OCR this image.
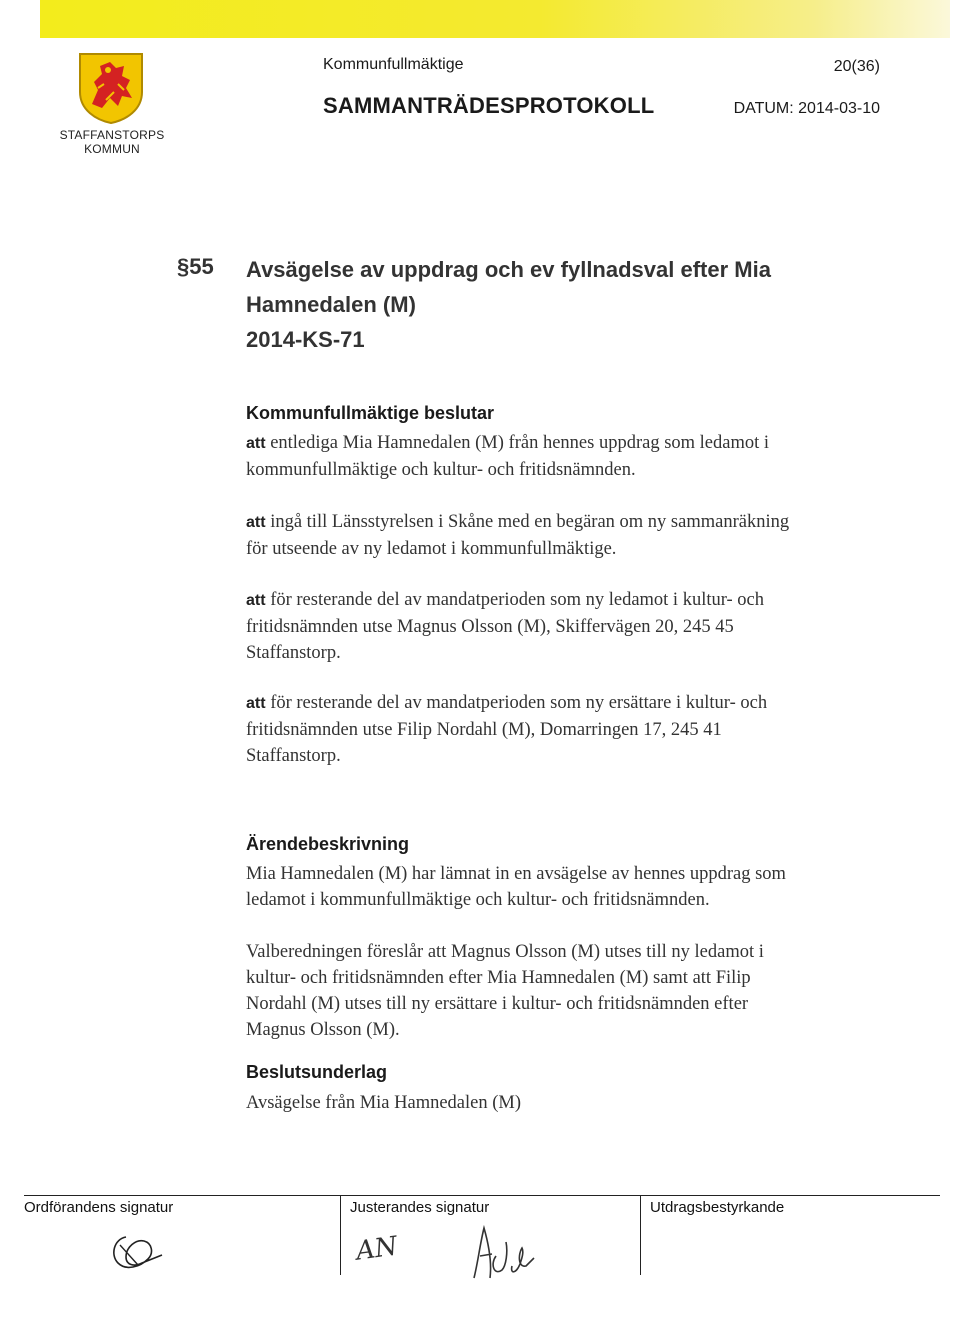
STAFFANSTORPS
KOMMUN
Kommunfullmäktige	20(36)
SAMMANTRÄDESPROTOKOLL	DATUM: 2014-03-10
§55 Avsägelse av uppdrag och ev fyllnadsval efter Mia
Hamnedalen (M)
2014-KS-71
Kommunfullmäktige beslutar
att entlediga Mia Hamnedalen (M) från hennes uppdrag som ledamot i
kommunfullmäktige och kultur- och fritidsnämnden.
att ingå till Länsstyrelsen i Skåne med en begäran om ny sammanräkning
för utseende av ny ledamot i kommunfullmäktige.
att för resterande del av mandatperioden som ny ledamot i kultur- och
fritidsnämnden utse Magnus Olsson (M), Skiffervägen 20, 245 45
Staffanstorp.
att för resterande del av mandatperioden som ny ersättare i kultur- och
fritidsnämnden utse Filip Nordahl (M), Domarringen 17, 245 41
Staffanstorp.
Ärendebeskrivning
Mia Hamnedalen (M) har lämnat in en avsägelse av hennes uppdrag som
ledamot i kommunfullmäktige och kultur- och fritidsnämnden.
Valberedningen föreslår att Magnus Olsson (M) utses till ny ledamot i
kultur- och fritidsnämnden efter Mia Hamnedalen (M) samt att Filip
Nordahl (M) utses till ny ersättare i kultur- och fritidsnämnden efter
Magnus Olsson (M).
Beslutsunderlag
Avsägelse från Mia Hamnedalen (M)
Ordförandens signatur	Justerandes signatur	Utdragsbestyrkande
AN
